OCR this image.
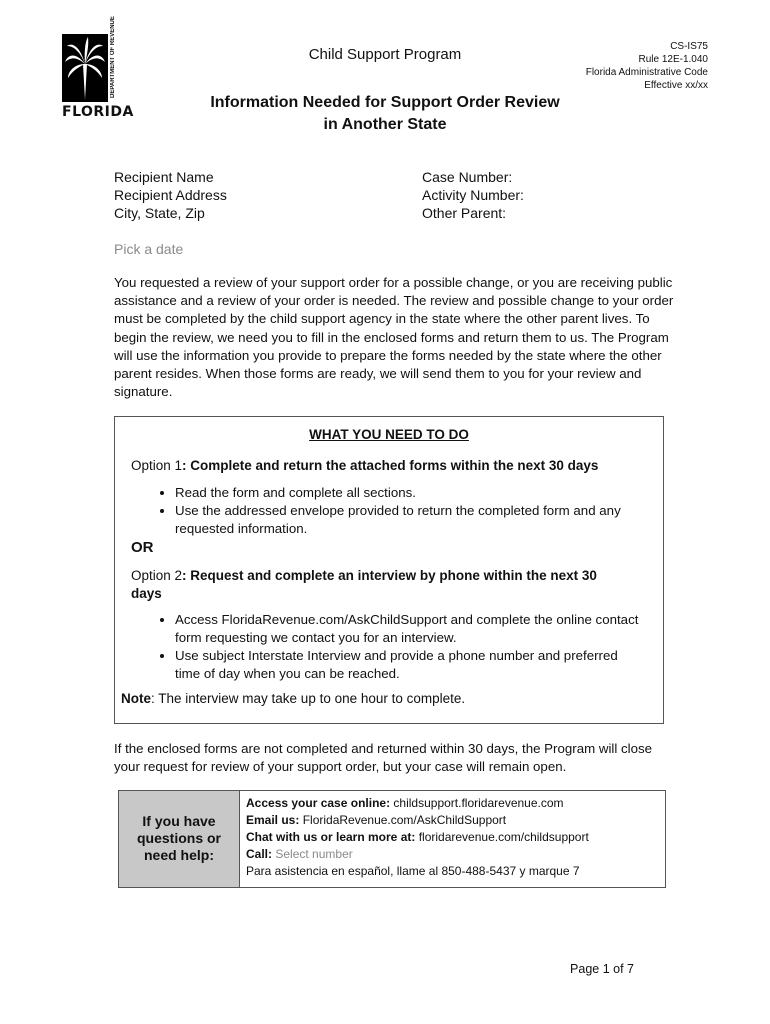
DEPARTMENT OF REVENUE
FLORIDA
Child Support Program	CS-IS75
Rule 12E-1.040
Florida Administrative Code
Effective xx/xx
Information Needed for Support Order Review
in Another State
Recipient Name
Recipient Address
City, State, Zip
Case Number:
Activity Number:
Other Parent:
Pick a date
You requested a review of your support order for a possible change, or you are receiving public assistance and a review of your order is needed. The review and possible change to your order must be completed by the child support agency in the state where the other parent lives. To begin the review, we need you to fill in the enclosed forms and return them to us. The Program will use the information you provide to prepare the forms needed by the state where the other parent resides. When those forms are ready, we will send them to you for your review and signature.
WHAT YOU NEED TO DO
Option 1: Complete and return the attached forms within the next 30 days
• Read the form and complete all sections.
• Use the addressed envelope provided to return the completed form and any requested information.
OR
Option 2: Request and complete an interview by phone within the next 30 days
• Access FloridaRevenue.com/AskChildSupport and complete the online contact form requesting we contact you for an interview.
• Use subject Interstate Interview and provide a phone number and preferred time of day when you can be reached.
Note: The interview may take up to one hour to complete.
If the enclosed forms are not completed and returned within 30 days, the Program will close your request for review of your support order, but your case will remain open.
If you have questions or need help:
Access your case online: childsupport.floridarevenue.com
Email us: FloridaRevenue.com/AskChildSupport
Chat with us or learn more at: floridarevenue.com/childsupport
Call: Select number
Para asistencia en español, llame al 850-488-5437 y marque 7
Page 1 of 7
